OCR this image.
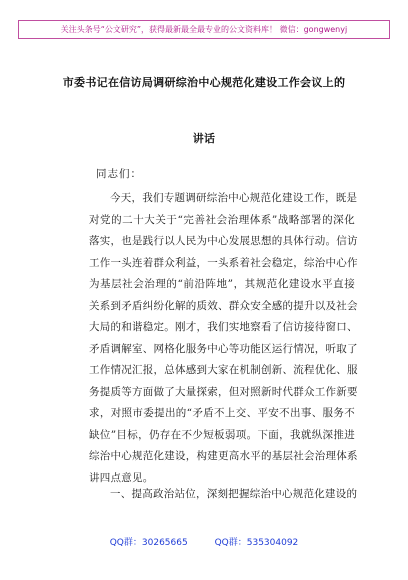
关注头条号“公文研究”，获得最新最全最专业的公文资料库！ 微信：gongwenyj
市委书记在信访局调研综治中心规范化建设工作会议上的
讲话
同志们：
今天，我们专题调研综治中心规范化建设工作，既是
对党的二十大关于“完善社会治理体系”战略部署的深化
落实，也是践行以人民为中心发展思想的具体行动。信访
工作一头连着群众利益，一头系着社会稳定，综治中心作
为基层社会治理的“前沿阵地”，其规范化建设水平直接
关系到矛盾纠纷化解的质效、群众安全感的提升以及社会
大局的和谐稳定。刚才，我们实地察看了信访接待窗口、
矛盾调解室、网格化服务中心等功能区运行情况，听取了
工作情况汇报，总体感到大家在机制创新、流程优化、服
务提质等方面做了大量探索，但对照新时代群众工作新要
求，对照市委提出的“矛盾不上交、平安不出事、服务不
缺位”目标，仍存在不少短板弱项。下面，我就纵深推进
综治中心规范化建设，构建更高水平的基层社会治理体系
讲四点意见。
一、提高政治站位，深刻把握综治中心规范化建设的
QQ群：30265665	QQ群：535304092
